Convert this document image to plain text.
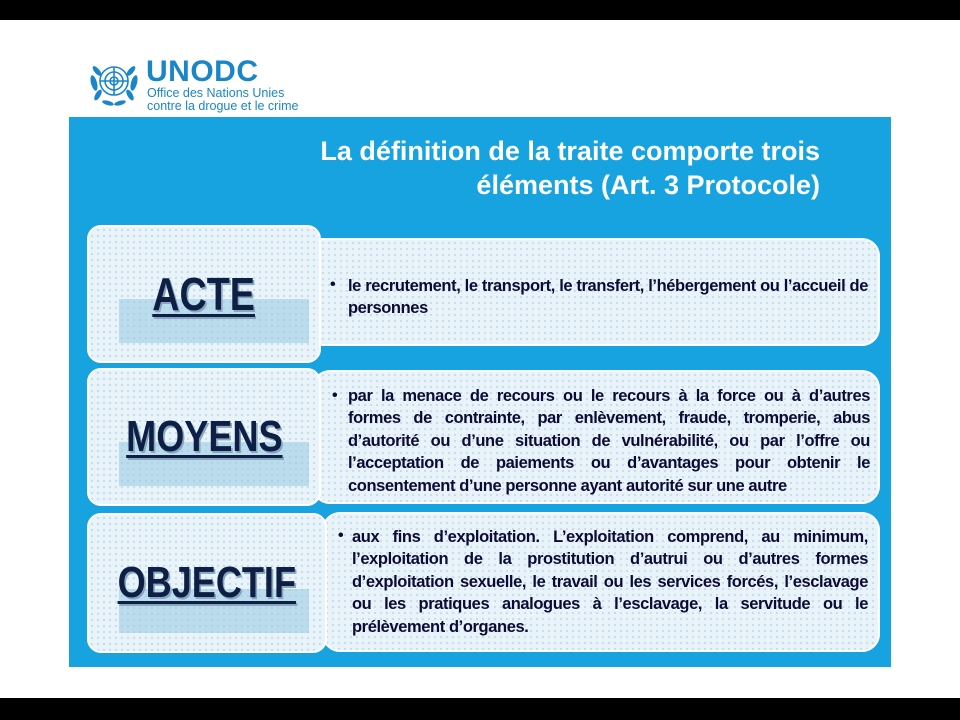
UNODC
Office des Nations Unies
contre la drogue et le crime
La définition de la traite comporte trois
éléments (Art. 3 Protocole)
• le recrutement, le transport, le transfert, l’hébergement ou l’accueil de personnes
ACTE
• par la menace de recours ou le recours à la force ou à d’autres formes de contrainte, par enlèvement, fraude, tromperie, abus d’autorité ou d’une situation de vulnérabilité, ou par l’offre ou l’acceptation de paiements ou d’avantages pour obtenir le consentement d’une personne ayant autorité sur une autre
MOYENS
• aux fins d’exploitation. L’exploitation comprend, au minimum, l’exploitation de la prostitution d’autrui ou d’autres formes d’exploitation sexuelle, le travail ou les services forcés, l’esclavage ou les pratiques analogues à l’esclavage, la servitude ou le prélèvement d’organes.
OBJECTIF
